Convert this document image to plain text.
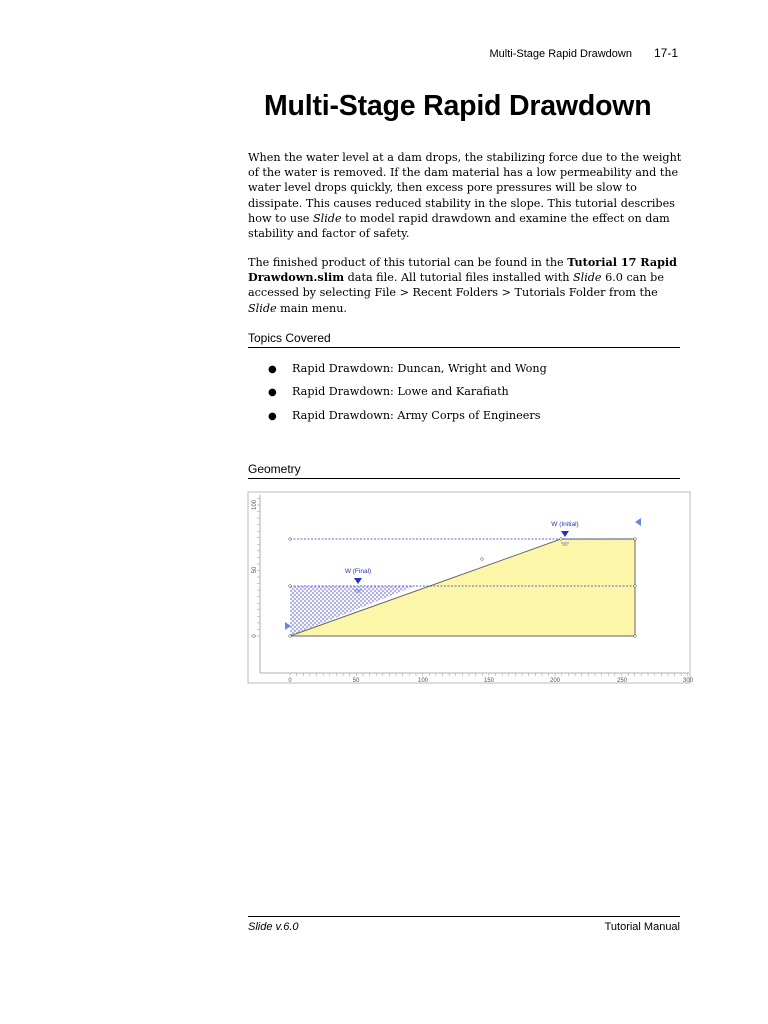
Multi-Stage Rapid Drawdown 17-1
Multi-Stage Rapid Drawdown

When the water level at a dam drops, the stabilizing force due to the weight of the water is removed. If the dam material has a low permeability and the water level drops quickly, then excess pore pressures will be slow to dissipate. This causes reduced stability in the slope. This tutorial describes how to use Slide to model rapid drawdown and examine the effect on dam stability and factor of safety.

The finished product of this tutorial can be found in the Tutorial 17 Rapid Drawdown.slim data file. All tutorial files installed with Slide 6.0 can be accessed by selecting File > Recent Folders > Tutorials Folder from the Slide main menu.

Topics Covered
●	Rapid Drawdown: Duncan, Wright and Wong
●	Rapid Drawdown: Lowe and Karafiath
●	Rapid Drawdown: Army Corps of Engineers
Geometry
0	50	100	150	200	250	300
0
50
100
W (Initial)
W (Final)
Slide v.6.0	Tutorial Manual
